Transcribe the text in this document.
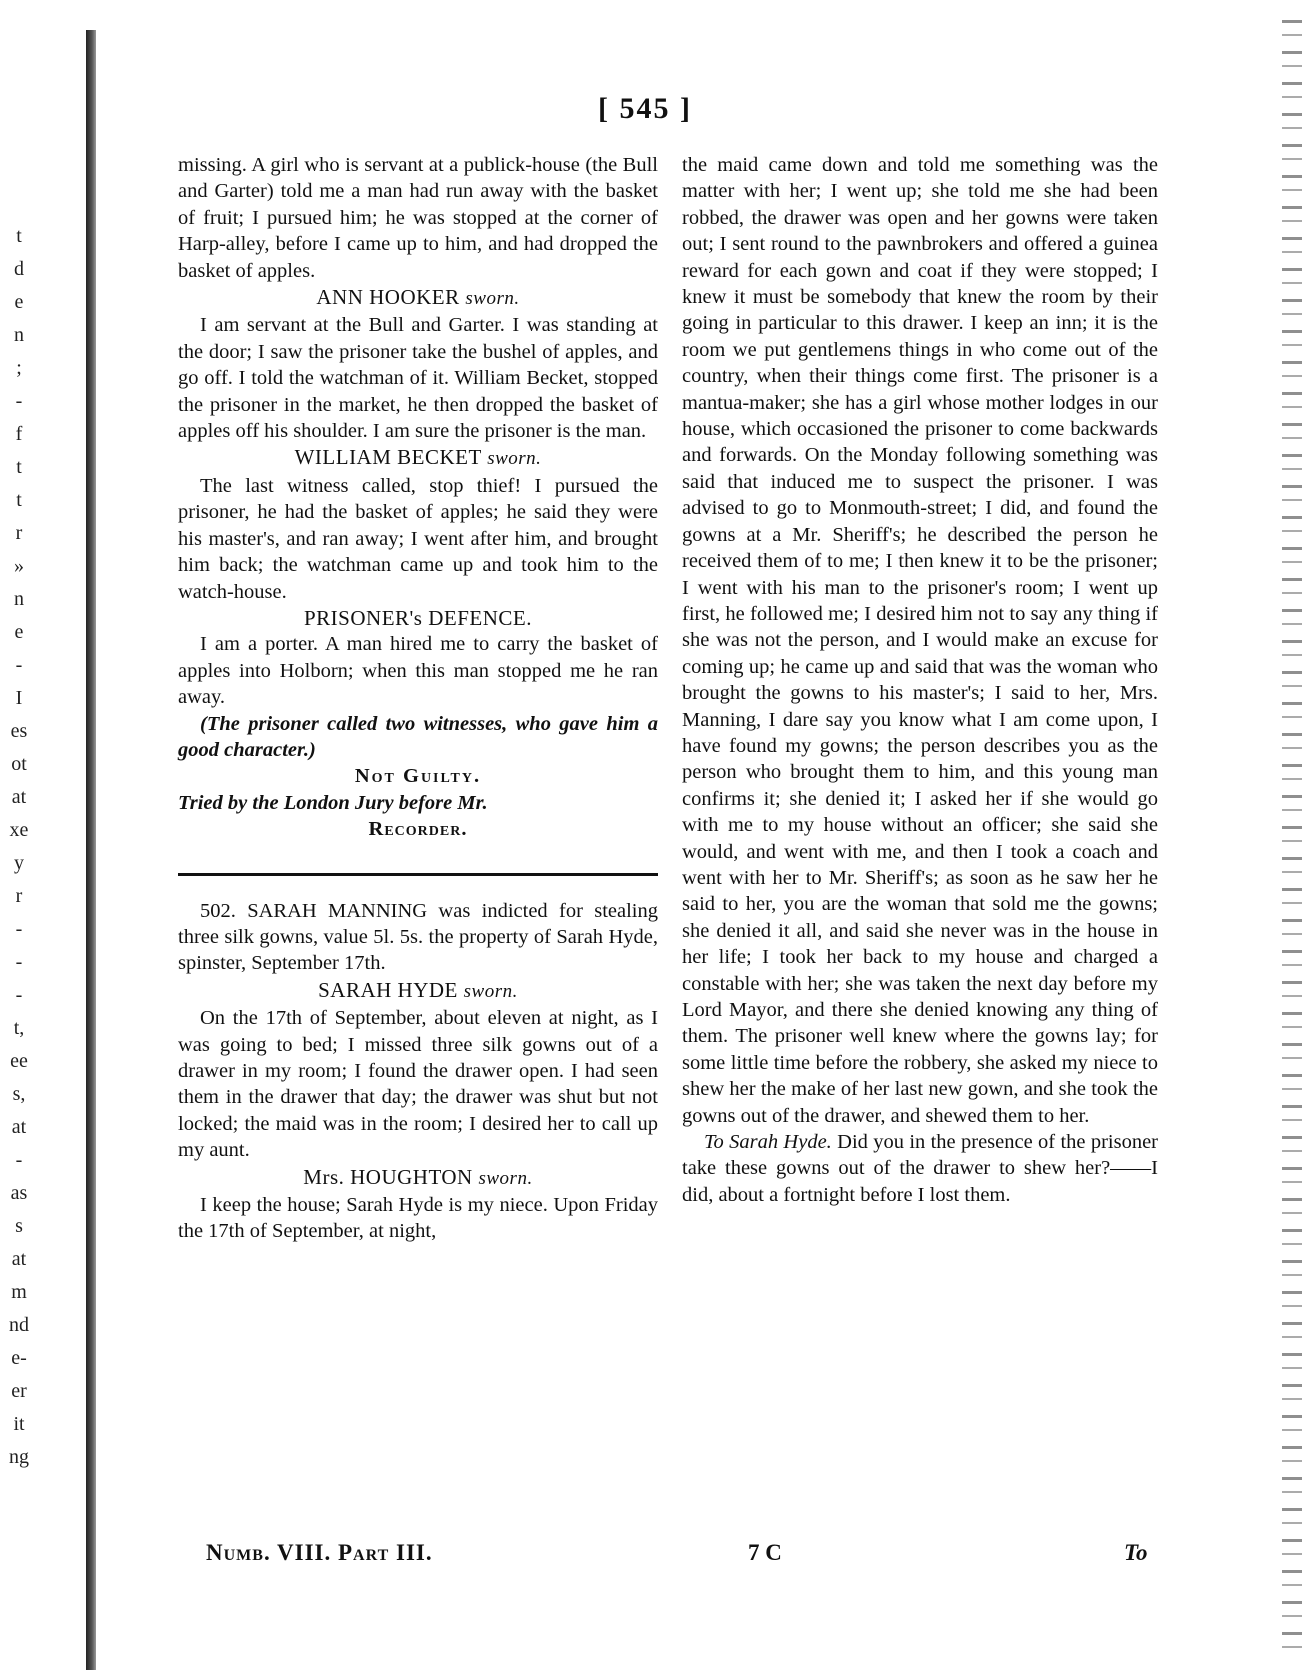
t
d
e
n
;
-
f
t
t
r
»
n
e
-
I
es
ot
at
xe
y
r
-
-
-
t,
ee
s,
at
-
as
s
at
m
nd
e-
er
it
ng
[ 545 ]

missing. A girl who is servant at a publick-house (the Bull and Garter) told me a man had run away with the basket of fruit; I pursued him; he was stopped at the corner of Harp-alley, before I came up to him, and had dropped the basket of apples.

ANN HOOKER sworn.

I am servant at the Bull and Garter. I was standing at the door; I saw the prisoner take the bushel of apples, and go off. I told the watchman of it. William Becket, stopped the prisoner in the market, he then dropped the basket of apples off his shoulder. I am sure the prisoner is the man.

WILLIAM BECKET sworn.

The last witness called, stop thief! I pursued the prisoner, he had the basket of apples; he said they were his master's, and ran away; I went after him, and brought him back; the watchman came up and took him to the watch-house.

PRISONER's DEFENCE.

I am a porter. A man hired me to carry the basket of apples into Holborn; when this man stopped me he ran away.

(The prisoner called two witnesses, who gave him a good character.)

Not Guilty.

Tried by the London Jury before Mr.

Recorder.

502. SARAH MANNING was indicted for stealing three silk gowns, value 5l. 5s. the property of Sarah Hyde, spinster, September 17th.

SARAH HYDE sworn.

On the 17th of September, about eleven at night, as I was going to bed; I missed three silk gowns out of a drawer in my room; I found the drawer open. I had seen them in the drawer that day; the drawer was shut but not locked; the maid was in the room; I desired her to call up my aunt.

Mrs. HOUGHTON sworn.

I keep the house; Sarah Hyde is my niece. Upon Friday the 17th of September, at night,

the maid came down and told me something was the matter with her; I went up; she told me she had been robbed, the drawer was open and her gowns were taken out; I sent round to the pawnbrokers and offered a guinea reward for each gown and coat if they were stopped; I knew it must be somebody that knew the room by their going in particular to this drawer. I keep an inn; it is the room we put gentlemens things in who come out of the country, when their things come first. The prisoner is a mantua-maker; she has a girl whose mother lodges in our house, which occasioned the prisoner to come backwards and forwards. On the Monday following something was said that induced me to suspect the prisoner. I was advised to go to Monmouth-street; I did, and found the gowns at a Mr. Sheriff's; he described the person he received them of to me; I then knew it to be the prisoner; I went with his man to the prisoner's room; I went up first, he followed me; I desired him not to say any thing if she was not the person, and I would make an excuse for coming up; he came up and said that was the woman who brought the gowns to his master's; I said to her, Mrs. Manning, I dare say you know what I am come upon, I have found my gowns; the person describes you as the person who brought them to him, and this young man confirms it; she denied it; I asked her if she would go with me to my house without an officer; she said she would, and went with me, and then I took a coach and went with her to Mr. Sheriff's; as soon as he saw her he said to her, you are the woman that sold me the gowns; she denied it all, and said she never was in the house in her life; I took her back to my house and charged a constable with her; she was taken the next day before my Lord Mayor, and there she denied knowing any thing of them. The prisoner well knew where the gowns lay; for some little time before the robbery, she asked my niece to shew her the make of her last new gown, and she took the gowns out of the drawer, and shewed them to her.

To Sarah Hyde. Did you in the presence of the prisoner take these gowns out of the drawer to shew her?——I did, about a fortnight before I lost them.

Numb. VIII. Part III.	7 C	To
